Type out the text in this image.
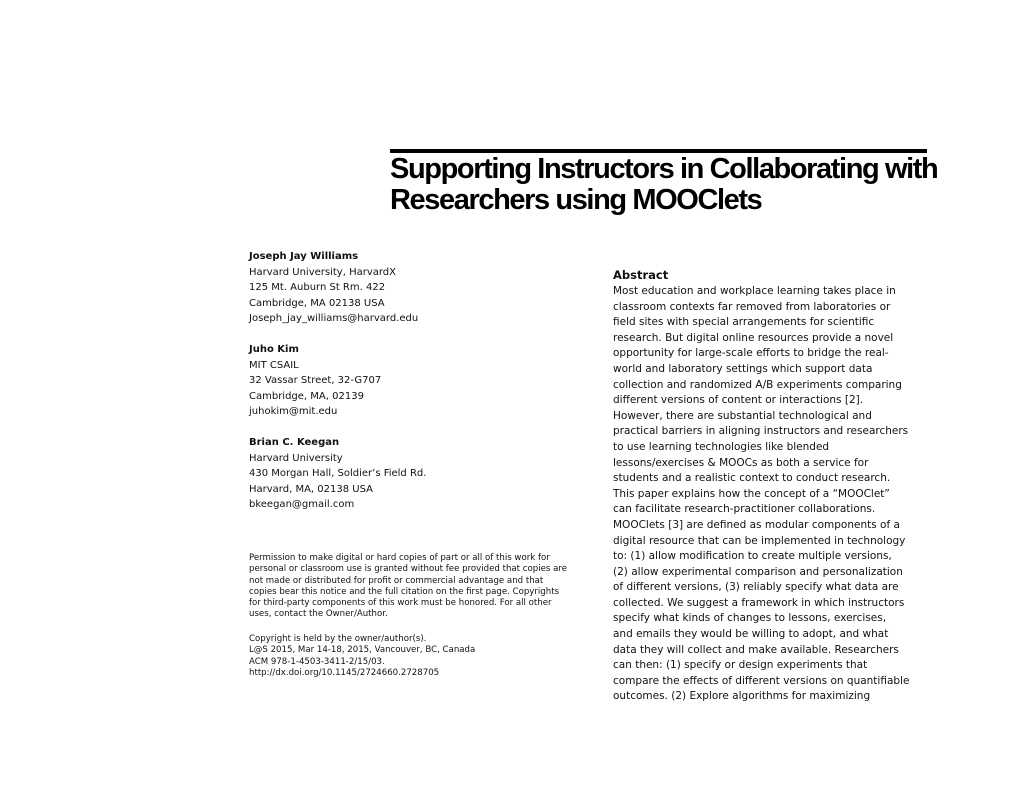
Supporting Instructors in Collaborating with Researchers using MOOClets
Joseph Jay Williams
Harvard University, HarvardX
125 Mt. Auburn St Rm. 422
Cambridge, MA 02138 USA
Joseph_jay_williams@harvard.edu
Juho Kim
MIT CSAIL
32 Vassar Street, 32-G707
Cambridge, MA, 02139
juhokim@mit.edu
Brian C. Keegan
Harvard University
430 Morgan Hall, Soldier’s Field Rd.
Harvard, MA, 02138 USA
bkeegan@gmail.com
Permission to make digital or hard copies of part or all of this work for
personal or classroom use is granted without fee provided that copies are
not made or distributed for profit or commercial advantage and that
copies bear this notice and the full citation on the first page. Copyrights
for third-party components of this work must be honored. For all other
uses, contact the Owner/Author.
Copyright is held by the owner/author(s).
L@S 2015, Mar 14-18, 2015, Vancouver, BC, Canada
ACM 978-1-4503-3411-2/15/03.
http://dx.doi.org/10.1145/2724660.2728705
Abstract
Most education and workplace learning takes place in
classroom contexts far removed from laboratories or
field sites with special arrangements for scientific
research. But digital online resources provide a novel
opportunity for large-scale efforts to bridge the real-
world and laboratory settings which support data
collection and randomized A/B experiments comparing
different versions of content or interactions [2].
However, there are substantial technological and
practical barriers in aligning instructors and researchers
to use learning technologies like blended
lessons/exercises & MOOCs as both a service for
students and a realistic context to conduct research.
This paper explains how the concept of a “MOOClet”
can facilitate research-practitioner collaborations.
MOOClets [3] are defined as modular components of a
digital resource that can be implemented in technology
to: (1) allow modification to create multiple versions,
(2) allow experimental comparison and personalization
of different versions, (3) reliably specify what data are
collected. We suggest a framework in which instructors
specify what kinds of changes to lessons, exercises,
and emails they would be willing to adopt, and what
data they will collect and make available. Researchers
can then: (1) specify or design experiments that
compare the effects of different versions on quantifiable
outcomes. (2) Explore algorithms for maximizing
